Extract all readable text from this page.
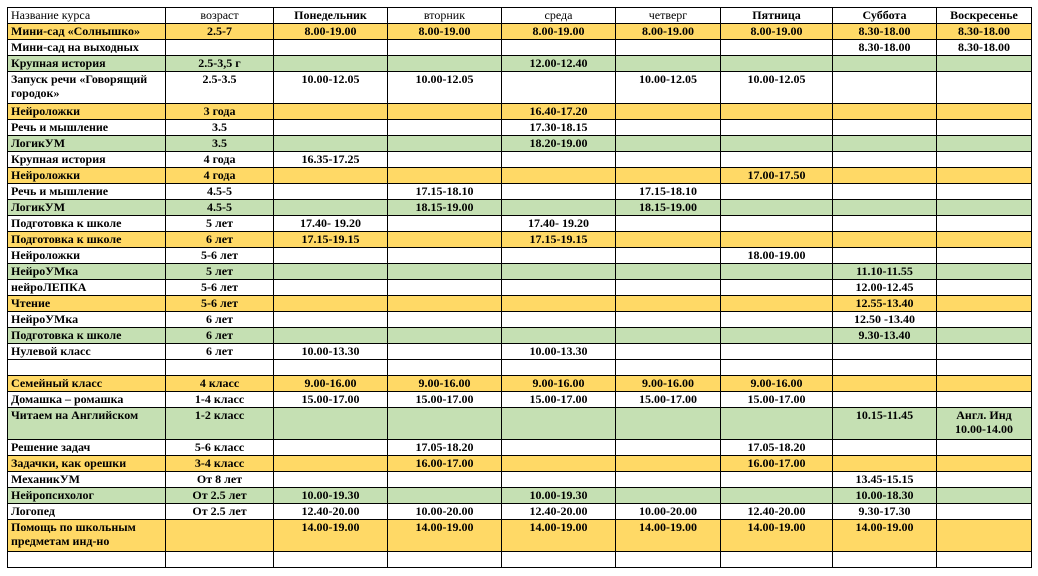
Название курса	возраст	Понедельник	вторник	среда	четверг	Пятница	Суббота	Воскресенье
Мини-сад «Солнышко»	2.5-7	8.00-19.00	8.00-19.00	8.00-19.00	8.00-19.00	8.00-19.00	8.30-18.00	8.30-18.00
Мини-сад на выходных							8.30-18.00	8.30-18.00
Крупная история	2.5-3,5 г			12.00-12.40				
Запуск речи «Говорящий городок»	2.5-3.5	10.00-12.05	10.00-12.05		10.00-12.05	10.00-12.05		
Нейроложки	3 года			16.40-17.20				
Речь и мышление	3.5			17.30-18.15				
ЛогикУМ	3.5			18.20-19.00				
Крупная история	4 года	16.35-17.25						
Нейроложки	4 года					17.00-17.50		
Речь и мышление	4.5-5		17.15-18.10		17.15-18.10			
ЛогикУМ	4.5-5		18.15-19.00		18.15-19.00			
Подготовка к школе	5 лет	17.40- 19.20		17.40- 19.20				
Подготовка к школе	6 лет	17.15-19.15		17.15-19.15				
Нейроложки	5-6 лет					18.00-19.00		
НейроУМка	5 лет						11.10-11.55	
нейроЛЕПКА	5-6 лет						12.00-12.45	
Чтение	5-6 лет						12.55-13.40	
НейроУМка	6 лет						12.50 -13.40	
Подготовка к школе	6 лет						9.30-13.40	
Нулевой класс	6 лет	10.00-13.30		10.00-13.30				

Семейный класс	4 класс	9.00-16.00	9.00-16.00	9.00-16.00	9.00-16.00	9.00-16.00		
Домашка – ромашка	1-4 класс	15.00-17.00	15.00-17.00	15.00-17.00	15.00-17.00	15.00-17.00		
Читаем на Английском	1-2 класс						10.15-11.45	Англ. Инд 10.00-14.00
Решение задач	5-6 класс		17.05-18.20			17.05-18.20		
Задачки, как орешки	3-4 класс		16.00-17.00			16.00-17.00		
МеханикУМ	От 8 лет						13.45-15.15	
Нейропсихолог	От 2.5 лет	10.00-19.30		10.00-19.30			10.00-18.30	
Логопед	От 2.5 лет	12.40-20.00	10.00-20.00	12.40-20.00	10.00-20.00	12.40-20.00	9.30-17.30	
Помощь по школьным предметам инд-но		14.00-19.00	14.00-19.00	14.00-19.00	14.00-19.00	14.00-19.00	14.00-19.00	
